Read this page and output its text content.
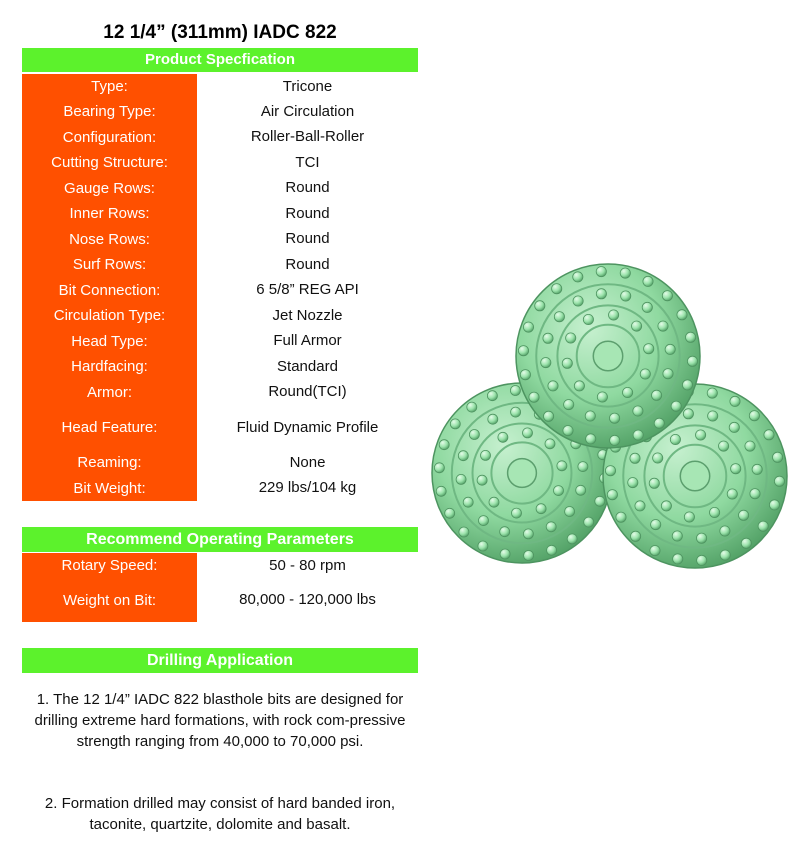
12 1/4” (311mm) IADC 822
Product Specfication
Type:	Tricone
Bearing Type:	Air Circulation
Configuration:	Roller-Ball-Roller
Cutting Structure:	TCI
Gauge Rows:	Round
Inner Rows:	Round
Nose Rows:	Round
Surf Rows:	Round
Bit Connection:	6 5/8” REG API
Circulation Type:	Jet Nozzle
Head Type:	Full Armor
Hardfacing:	Standard
Armor:	Round(TCI)
Head Feature:	Fluid Dynamic Profile
Reaming:	None
Bit Weight:	229 lbs/104 kg
Recommend Operating Parameters
Rotary Speed:	50 - 80 rpm
Weight on Bit:	80,000 - 120,000 lbs
Drilling Application
1. The 12 1/4” IADC 822 blasthole bits are designed for drilling extreme hard formations, with rock com-pressive strength ranging from 40,000 to 70,000 psi.
2. Formation drilled may consist of hard banded iron, taconite, quartzite, dolomite and basalt.
